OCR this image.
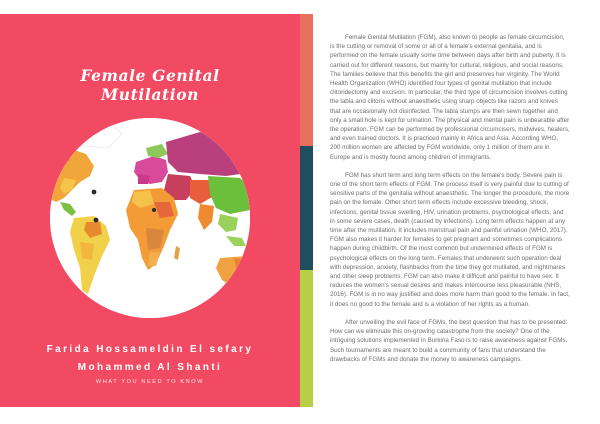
Female Genital
Mutilation
Farida Hossameldin El sefary
Mohammed Al Shanti
WHAT YOU NEED TO KNOW

Female Genital Mutilation (FGM), also known to people as female circumcision, is the cutting or removal of some or all of a female's external genitalia, and is performed on the female usually some time between days after birth and puberty. It is carried out for different reasons, but mainly for cultural, religious, and social reasons. The families believe that this benefits the girl and preserves her virginity. The World Health Organization (WHO) identified four types of genital mutilation that include clitoridectomy and excision. In particular, the third type of circumcision involves cutting the labia and clitoris without anaesthetic using sharp objects like razors and knives that are occasionally not disinfected. The labia stumps are then sewn together and only a small hole is kept for urination. The physical and mental pain is unbearable after the operation. FGM can be performed by professional circumcisers, midwives, healers, and even trained doctors. It is practiced mainly in Africa and Asia. According WHO, 200 million women are affected by FGM worldwide, only 1 million of them are in Europe and is mostly found among children of immigrants.

FGM has short term and long term effects on the female's body. Severe pain is one of the short term effects of FGM. The process itself is very painful due to cutting of sensitive parts of the genitalia without anaesthetic. The longer the procedure, the more pain on the female. Other short term effects include excessive bleeding, shock, infections, genital tissue swelling, HIV, urination problems, psychological effects, and in some severe cases, death (caused by infections). Long term effects happen at any time after the mutilation. It includes menstrual pain and painful urination (WHO, 2017). FGM also makes it harder for females to get pregnant and sometimes complications happen during childbirth. Of the most common but undermined effects of FGM is psychological effects on the long term. Females that underwent such operation deal with depression, anxiety, flashbacks from the time they got mutilated, and nightmares and other sleep problems. FGM can also make it difficult and painful to have sex. It reduces the women's sexual desires and makes intercourse less pleasurable (NHS, 2016). FGM is in no way justified and does more harm than good to the female. In fact, it does no good to the female and is a violation of her rights as a human.

After unveiling the evil face of FGMs, the best question that has to be presented: How can we eliminate this on-growing catastrophe from the society? One of the intriguing solutions implemented in Burkina Faso is to raise awareness against FGMs. Such tournaments are meant to build a community of fans that understand the drawbacks of FGMs and donate the money to awareness campaigns.
